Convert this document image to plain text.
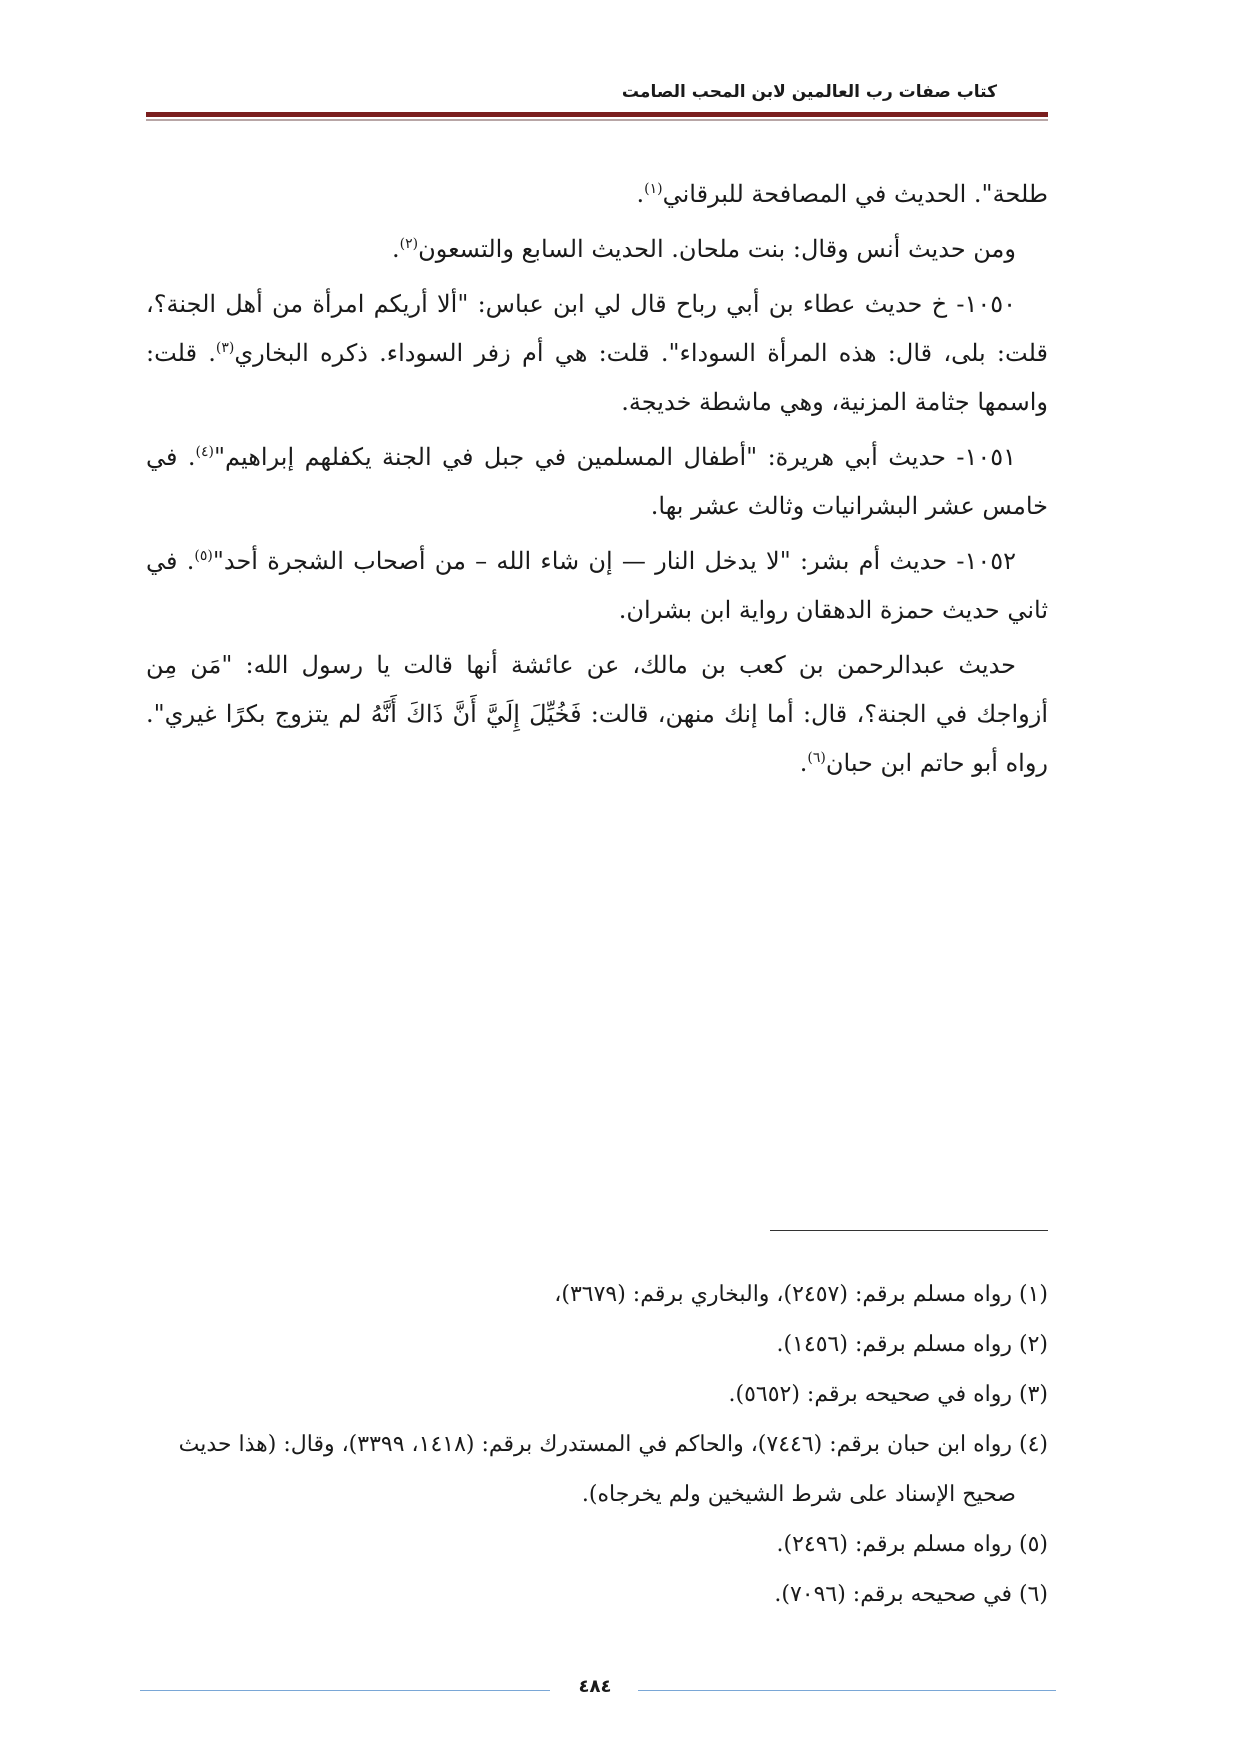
كتاب صفات رب العالمين لابن المحب الصامت

طلحة". الحديث في المصافحة للبرقاني$^{(١)}$.

ومن حديث أنس وقال: بنت ملحان. الحديث السابع والتسعون$^{(٢)}$.

١٠٥٠- خ حديث عطاء بن أبي رباح قال لي ابن عباس: "ألا أريكم امرأة من أهل الجنة؟، قلت: بلى، قال: هذه المرأة السوداء". قلت: هي أم زفر السوداء. ذكره البخاري$^{(٣)}$. قلت: واسمها جثامة المزنية، وهي ماشطة خديجة.

١٠٥١- حديث أبي هريرة: "أطفال المسلمين في جبل في الجنة يكفلهم إبراهيم"$^{(٤)}$. في خامس عشر البشرانيات وثالث عشر بها.

١٠٥٢- حديث أم بشر: "لا يدخل النار — إن شاء الله – من أصحاب الشجرة أحد"$^{(٥)}$. في ثاني حديث حمزة الدهقان رواية ابن بشران.

حديث عبدالرحمن بن كعب بن مالك، عن عائشة أنها قالت يا رسول الله: "مَن مِن أزواجك في الجنة؟، قال: أما إنك منهن، قالت: فَخُيِّلَ إِلَيَّ أَنَّ ذَاكَ أَنَّهُ لم يتزوج بكرًا غيري". رواه أبو حاتم ابن حبان$^{(٦)}$.

(١) رواه مسلم برقم: (٢٤٥٧)، والبخاري برقم: (٣٦٧٩)،

(٢) رواه مسلم برقم: (١٤٥٦).

(٣) رواه في صحيحه برقم: (٥٦٥٢).

(٤) رواه ابن حبان برقم: (٧٤٤٦)، والحاكم في المستدرك برقم: (١٤١٨، ٣٣٩٩)، وقال: (هذا حديث

صحيح الإسناد على شرط الشيخين ولم يخرجاه).

(٥) رواه مسلم برقم: (٢٤٩٦).

(٦) في صحيحه برقم: (٧٠٩٦).

٤٨٤
